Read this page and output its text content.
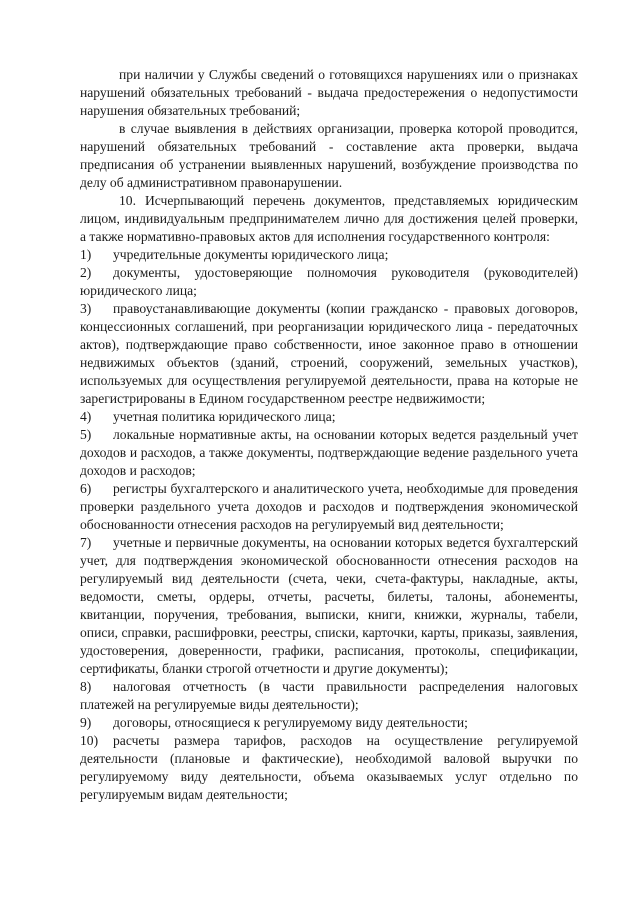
при наличии у Службы сведений о готовящихся нарушениях или о признаках нарушений обязательных требований - выдача предостережения о недопустимости нарушения обязательных требований;

в случае выявления в действиях организации, проверка которой проводится, нарушений обязательных требований - составление акта проверки, выдача предписания об устранении выявленных нарушений, возбуждение производства по делу об административном правонарушении.

10. Исчерпывающий перечень документов, представляемых юридическим лицом, индивидуальным предпринимателем лично для достижения целей проверки, а также нормативно-правовых актов для исполнения государственного контроля:

1) учредительные документы юридического лица;

2) документы, удостоверяющие полномочия руководителя (руководителей) юридического лица;

3) правоустанавливающие документы (копии гражданско - правовых договоров, концессионных соглашений, при реорганизации юридического лица - передаточных актов), подтверждающие право собственности, иное законное право в отношении недвижимых объектов (зданий, строений, сооружений, земельных участков), используемых для осуществления регулируемой деятельности, права на которые не зарегистрированы в Едином государственном реестре недвижимости;

4) учетная политика юридического лица;

5) локальные нормативные акты, на основании которых ведется раздельный учет доходов и расходов, а также документы, подтверждающие ведение раздельного учета доходов и расходов;

6) регистры бухгалтерского и аналитического учета, необходимые для проведения проверки раздельного учета доходов и расходов и подтверждения экономической обоснованности отнесения расходов на регулируемый вид деятельности;

7) учетные и первичные документы, на основании которых ведется бухгалтерский учет, для подтверждения экономической обоснованности отнесения расходов на регулируемый вид деятельности (счета, чеки, счета-фактуры, накладные, акты, ведомости, сметы, ордеры, отчеты, расчеты, билеты, талоны, абонементы, квитанции, поручения, требования, выписки, книги, книжки, журналы, табели, описи, справки, расшифровки, реестры, списки, карточки, карты, приказы, заявления, удостоверения, доверенности, графики, расписания, протоколы, спецификации, сертификаты, бланки строгой отчетности и другие документы);

8) налоговая отчетность (в части правильности распределения налоговых платежей на регулируемые виды деятельности);

9) договоры, относящиеся к регулируемому виду деятельности;

10) расчеты размера тарифов, расходов на осуществление регулируемой деятельности (плановые и фактические), необходимой валовой выручки по регулируемому виду деятельности, объема оказываемых услуг отдельно по регулируемым видам деятельности;
